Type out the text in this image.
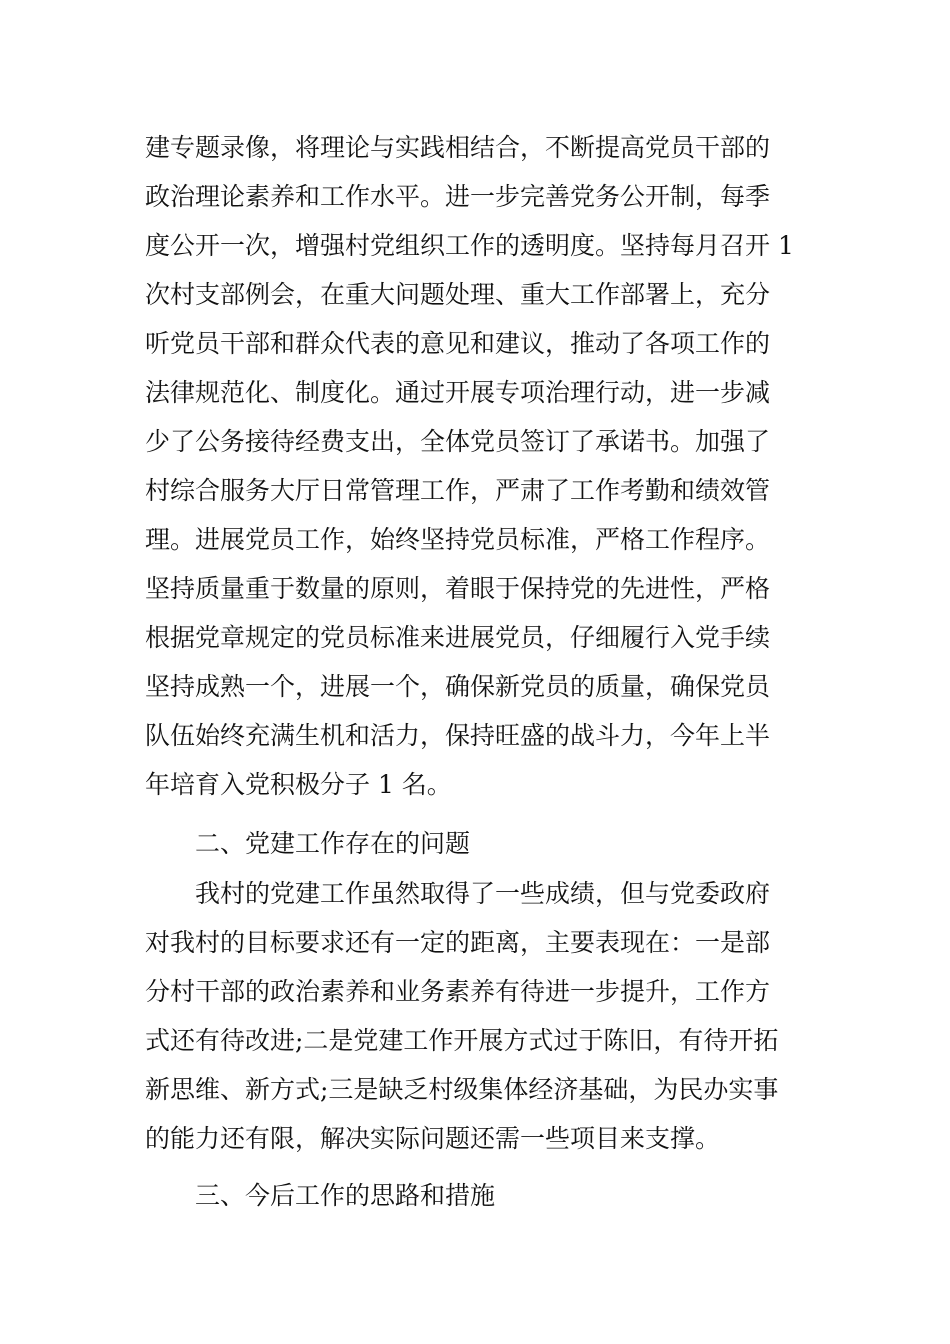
建专题录像，将理论与实践相结合，不断提高党员干部的
政治理论素养和工作水平。进一步完善党务公开制，每季
度公开一次，增强村党组织工作的透明度。坚持每月召开 1
次村支部例会，在重大问题处理、重大工作部署上，充分
听党员干部和群众代表的意见和建议，推动了各项工作的
法律规范化、制度化。通过开展专项治理行动，进一步减
少了公务接待经费支出，全体党员签订了承诺书。加强了
村综合服务大厅日常管理工作，严肃了工作考勤和绩效管
理。进展党员工作，始终坚持党员标准，严格工作程序。
坚持质量重于数量的原则，着眼于保持党的先进性，严格
根据党章规定的党员标准来进展党员，仔细履行入党手续
坚持成熟一个，进展一个，确保新党员的质量，确保党员
队伍始终充满生机和活力，保持旺盛的战斗力，今年上半
年培育入党积极分子 1 名。
二、党建工作存在的问题
我村的党建工作虽然取得了一些成绩，但与党委政府
对我村的目标要求还有一定的距离，主要表现在：一是部
分村干部的政治素养和业务素养有待进一步提升，工作方
式还有待改进;二是党建工作开展方式过于陈旧，有待开拓
新思维、新方式;三是缺乏村级集体经济基础，为民办实事
的能力还有限，解决实际问题还需一些项目来支撑。
三、今后工作的思路和措施
